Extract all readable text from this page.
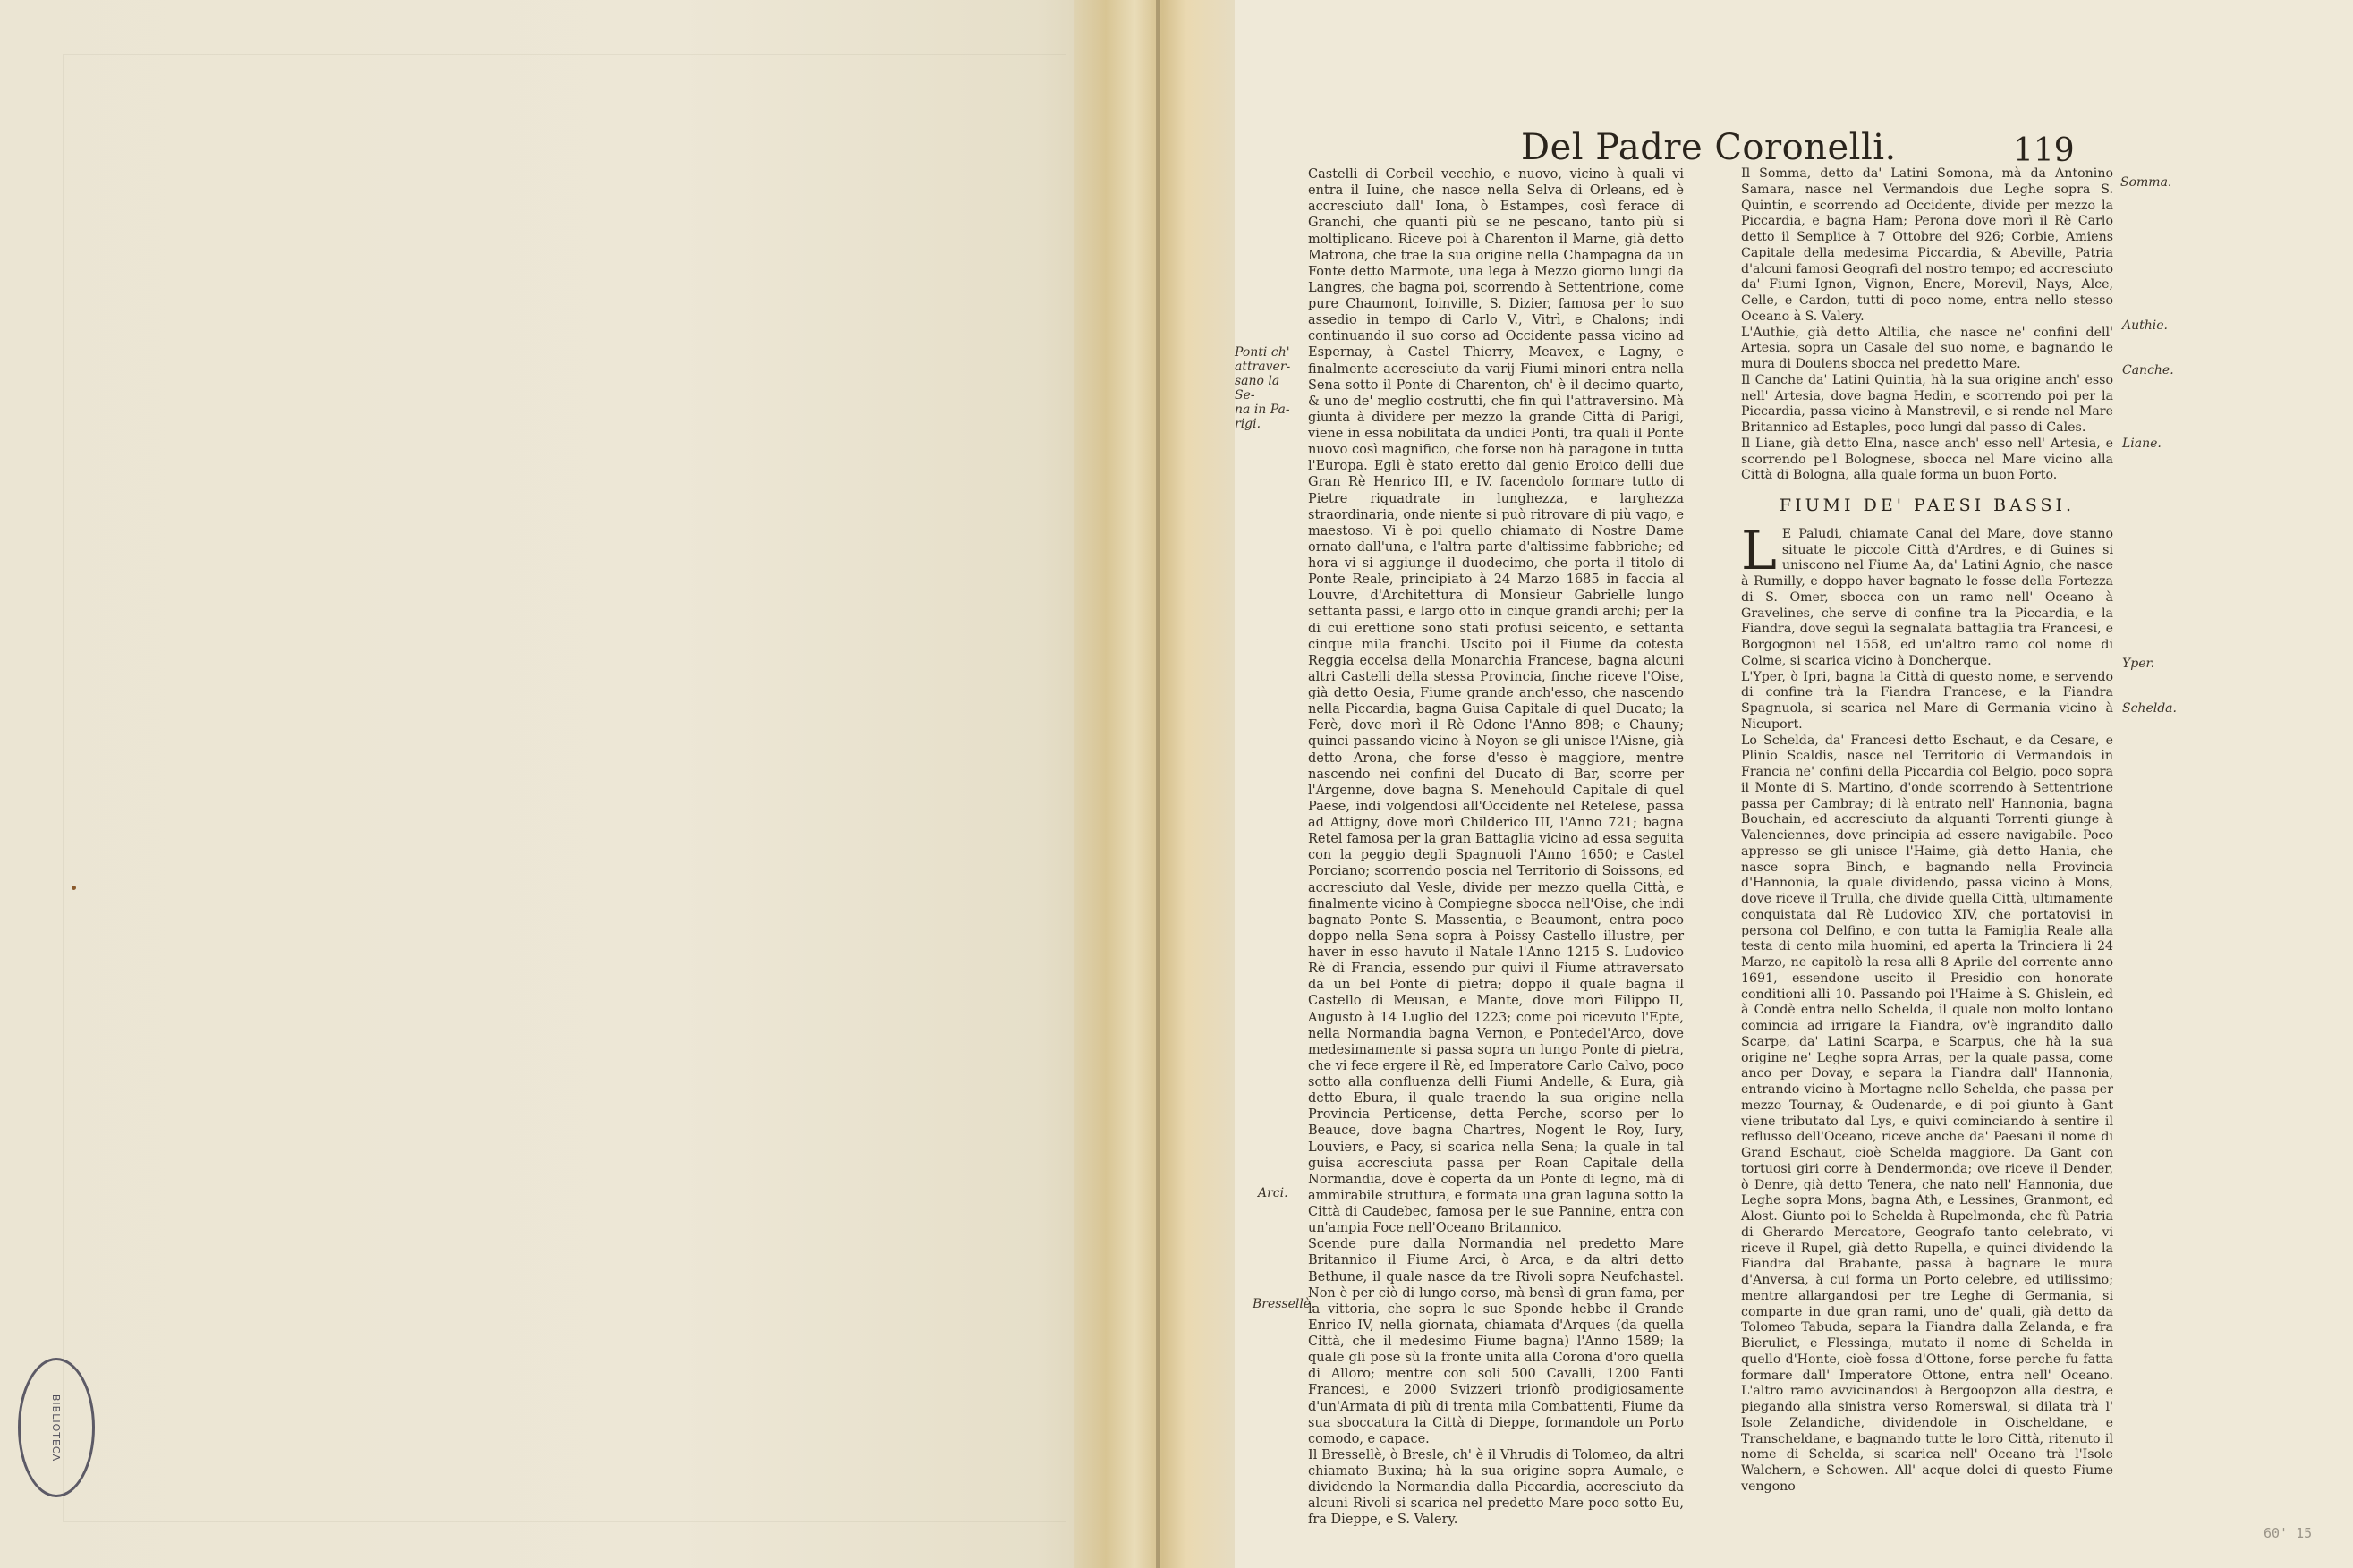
BIBLIOTECA
Del Padre Coronelli.	119
Ponti ch'
attraver-
sano la Se-
na in Pa-
rigi.
Arci.
Bressellè.
Somma.
Authie.
Canche.
Liane.
Yper.
Schelda.

Castelli di Corbeil vecchio, e nuovo, vicino à quali vi entra il Iuine, che nasce nella Selva di Orleans, ed è accresciuto dall' Iona, ò Estampes, così ferace di Granchi, che quanti più se ne pescano, tanto più si moltiplicano. Riceve poi à Charenton il Marne, già detto Matrona, che trae la sua origine nella Champagna da un Fonte detto Marmote, una lega à Mezzo giorno lungi da Langres, che bagna poi, scorrendo à Settentrione, come pure Chaumont, Ioinville, S. Dizier, famosa per lo suo assedio in tempo di Carlo V., Vitrì, e Chalons; indi continuando il suo corso ad Occidente passa vicino ad Espernay, à Castel Thierry, Meavex, e Lagny, e finalmente accresciuto da varij Fiumi minori entra nella Sena sotto il Ponte di Charenton, ch' è il decimo quarto, & uno de' meglio costrutti, che fin quì l'attraversino. Mà giunta à dividere per mezzo la grande Città di Parigi, viene in essa nobilitata da undici Ponti, tra quali il Ponte nuovo così magnifico, che forse non hà paragone in tutta l'Europa. Egli è stato eretto dal genio Eroico delli due Gran Rè Henrico III, e IV. facendolo formare tutto di Pietre riquadrate in lunghezza, e larghezza straordinaria, onde niente si può ritrovare di più vago, e maestoso. Vi è poi quello chiamato di Nostre Dame ornato dall'una, e l'altra parte d'altissime fabbriche; ed hora vi si aggiunge il duodecimo, che porta il titolo di Ponte Reale, principiato à 24 Marzo 1685 in faccia al Louvre, d'Architettura di Monsieur Gabrielle lungo settanta passi, e largo otto in cinque grandi archi; per la di cui erettione sono stati profusi seicento, e settanta cinque mila franchi. Uscito poi il Fiume da cotesta Reggia eccelsa della Monarchia Francese, bagna alcuni altri Castelli della stessa Provincia, finche riceve l'Oise, già detto Oesia, Fiume grande anch'esso, che nascendo nella Piccardia, bagna Guisa Capitale di quel Ducato; la Ferè, dove morì il Rè Odone l'Anno 898; e Chauny; quinci passando vicino à Noyon se gli unisce l'Aisne, già detto Arona, che forse d'esso è maggiore, mentre nascendo nei confini del Ducato di Bar, scorre per l'Argenne, dove bagna S. Menehould Capitale di quel Paese, indi volgendosi all'Occidente nel Retelese, passa ad Attigny, dove morì Childerico III, l'Anno 721; bagna Retel famosa per la gran Battaglia vicino ad essa seguita con la peggio degli Spagnuoli l'Anno 1650; e Castel Porciano; scorrendo poscia nel Territorio di Soissons, ed accresciuto dal Vesle, divide per mezzo quella Città, e finalmente vicino à Compiegne sbocca nell'Oise, che indi bagnato Ponte S. Massentia, e Beaumont, entra poco doppo nella Sena sopra à Poissy Castello illustre, per haver in esso havuto il Natale l'Anno 1215 S. Ludovico Rè di Francia, essendo pur quivi il Fiume attraversato da un bel Ponte di pietra; doppo il quale bagna il Castello di Meusan, e Mante, dove morì Filippo II, Augusto à 14 Luglio del 1223; come poi ricevuto l'Epte, nella Normandia bagna Vernon, e Pontedel'Arco, dove medesimamente si passa sopra un lungo Ponte di pietra, che vi fece ergere il Rè, ed Imperatore Carlo Calvo, poco sotto alla confluenza delli Fiumi Andelle, & Eura, già detto Ebura, il quale traendo la sua origine nella Provincia Perticense, detta Perche, scorso per lo Beauce, dove bagna Chartres, Nogent le Roy, Iury, Louviers, e Pacy, si scarica nella Sena; la quale in tal guisa accresciuta passa per Roan Capitale della Normandia, dove è coperta da un Ponte di legno, mà di ammirabile struttura, e formata una gran laguna sotto la Città di Caudebec, famosa per le sue Pannine, entra con un'ampia Foce nell'Oceano Britannico.

Scende pure dalla Normandia nel predetto Mare Britannico il Fiume Arci, ò Arca, e da altri detto Bethune, il quale nasce da tre Rivoli sopra Neufchastel. Non è per ciò di lungo corso, mà bensì di gran fama, per la vittoria, che sopra le sue Sponde hebbe il Grande Enrico IV, nella giornata, chiamata d'Arques (da quella Città, che il medesimo Fiume bagna) l'Anno 1589; la quale gli pose sù la fronte unita alla Corona d'oro quella di Alloro; mentre con soli 500 Cavalli, 1200 Fanti Francesi, e 2000 Svizzeri trionfò prodigiosamente d'un'Armata di più di trenta mila Combattenti, Fiume da sua sboccatura la Città di Dieppe, formandole un Porto comodo, e capace.

Il Bressellè, ò Bresle, ch' è il Vhrudis di Tolomeo, da altri chiamato Buxina; hà la sua origine sopra Aumale, e dividendo la Normandia dalla Piccardia, accresciuto da alcuni Rivoli si scarica nel predetto Mare poco sotto Eu, fra Dieppe, e S. Valery.

Il Somma, detto da' Latini Somona, mà da Antonino Samara, nasce nel Vermandois due Leghe sopra S. Quintin, e scorrendo ad Occidente, divide per mezzo la Piccardia, e bagna Ham; Perona dove morì il Rè Carlo detto il Semplice à 7 Ottobre del 926; Corbie, Amiens Capitale della medesima Piccardia, & Abeville, Patria d'alcuni famosi Geografi del nostro tempo; ed accresciuto da' Fiumi Ignon, Vignon, Encre, Morevil, Nays, Alce, Celle, e Cardon, tutti di poco nome, entra nello stesso Oceano à S. Valery.

L'Authie, già detto Altilia, che nasce ne' confini dell' Artesia, sopra un Casale del suo nome, e bagnando le mura di Doulens sbocca nel predetto Mare.

Il Canche da' Latini Quintia, hà la sua origine anch' esso nell' Artesia, dove bagna Hedin, e scorrendo poi per la Piccardia, passa vicino à Manstrevil, e si rende nel Mare Britannico ad Estaples, poco lungi dal passo di Cales.

Il Liane, già detto Elna, nasce anch' esso nell' Artesia, e scorrendo pe'l Bolognese, sbocca nel Mare vicino alla Città di Bologna, alla quale forma un buon Porto.

FIUMI DE' PAESI BASSI.
L E Paludi, chiamate Canal del Mare, dove stanno situate le piccole Città d'Ardres, e di Guines si uniscono nel Fiume Aa, da' Latini Agnio, che nasce à Rumilly, e doppo haver bagnato le fosse della Fortezza di S. Omer, sbocca con un ramo nell' Oceano à Gravelines, che serve di confine tra la Piccardia, e la Fiandra, dove seguì la segnalata battaglia tra Francesi, e Borgognoni nel 1558, ed un'altro ramo col nome di Colme, si scarica vicino à Doncherque.

L'Yper, ò Ipri, bagna la Città di questo nome, e servendo di confine trà la Fiandra Francese, e la Fiandra Spagnuola, si scarica nel Mare di Germania vicino à Nicuport.

Lo Schelda, da' Francesi detto Eschaut, e da Cesare, e Plinio Scaldis, nasce nel Territorio di Vermandois in Francia ne' confini della Piccardia col Belgio, poco sopra il Monte di S. Martino, d'onde scorrendo à Settentrione passa per Cambray; di là entrato nell' Hannonia, bagna Bouchain, ed accresciuto da alquanti Torrenti giunge à Valenciennes, dove principia ad essere navigabile. Poco appresso se gli unisce l'Haime, già detto Hania, che nasce sopra Binch, e bagnando nella Provincia d'Hannonia, la quale dividendo, passa vicino à Mons, dove riceve il Trulla, che divide quella Città, ultimamente conquistata dal Rè Ludovico XIV, che portatovisi in persona col Delfino, e con tutta la Famiglia Reale alla testa di cento mila huomini, ed aperta la Trinciera li 24 Marzo, ne capitolò la resa alli 8 Aprile del corrente anno 1691, essendone uscito il Presidio con honorate conditioni alli 10. Passando poi l'Haime à S. Ghislein, ed à Condè entra nello Schelda, il quale non molto lontano comincia ad irrigare la Fiandra, ov'è ingrandito dallo Scarpe, da' Latini Scarpa, e Scarpus, che hà la sua origine ne' Leghe sopra Arras, per la quale passa, come anco per Dovay, e separa la Fiandra dall' Hannonia, entrando vicino à Mortagne nello Schelda, che passa per mezzo Tournay, & Oudenarde, e di poi giunto à Gant viene tributato dal Lys, e quivi cominciando à sentire il reflusso dell'Oceano, riceve anche da' Paesani il nome di Grand Eschaut, cioè Schelda maggiore. Da Gant con tortuosi giri corre à Dendermonda; ove riceve il Dender, ò Denre, già detto Tenera, che nato nell' Hannonia, due Leghe sopra Mons, bagna Ath, e Lessines, Granmont, ed Alost. Giunto poi lo Schelda à Rupelmonda, che fù Patria di Gherardo Mercatore, Geografo tanto celebrato, vi riceve il Rupel, già detto Rupella, e quinci dividendo la Fiandra dal Brabante, passa à bagnare le mura d'Anversa, à cui forma un Porto celebre, ed utilissimo; mentre allargandosi per tre Leghe di Germania, si compartе in due gran rami, uno de' quali, già detto da Tolomeo Tabuda, separa la Fiandra dalla Zelanda, e fra Bierulict, e Flessinga, mutato il nome di Schelda in quello d'Honte, cioè fossa d'Ottone, forse perche fu fatta formare dall' Imperatore Ottone, entra nell' Oceano. L'altro ramo avvicinandosi à Bergoopzon alla destra, e piegando alla sinistra verso Romerswal, si dilata trà l' Isole Zelandiche, dividendole in Oischeldane, e Transcheldane, e bagnando tutte le loro Città, ritenuto il nome di Schelda, si scarica nell' Oceano trà l'Isole Walchern, e Schowen. All' acque dolci di questo Fiume vengono

60' 15
